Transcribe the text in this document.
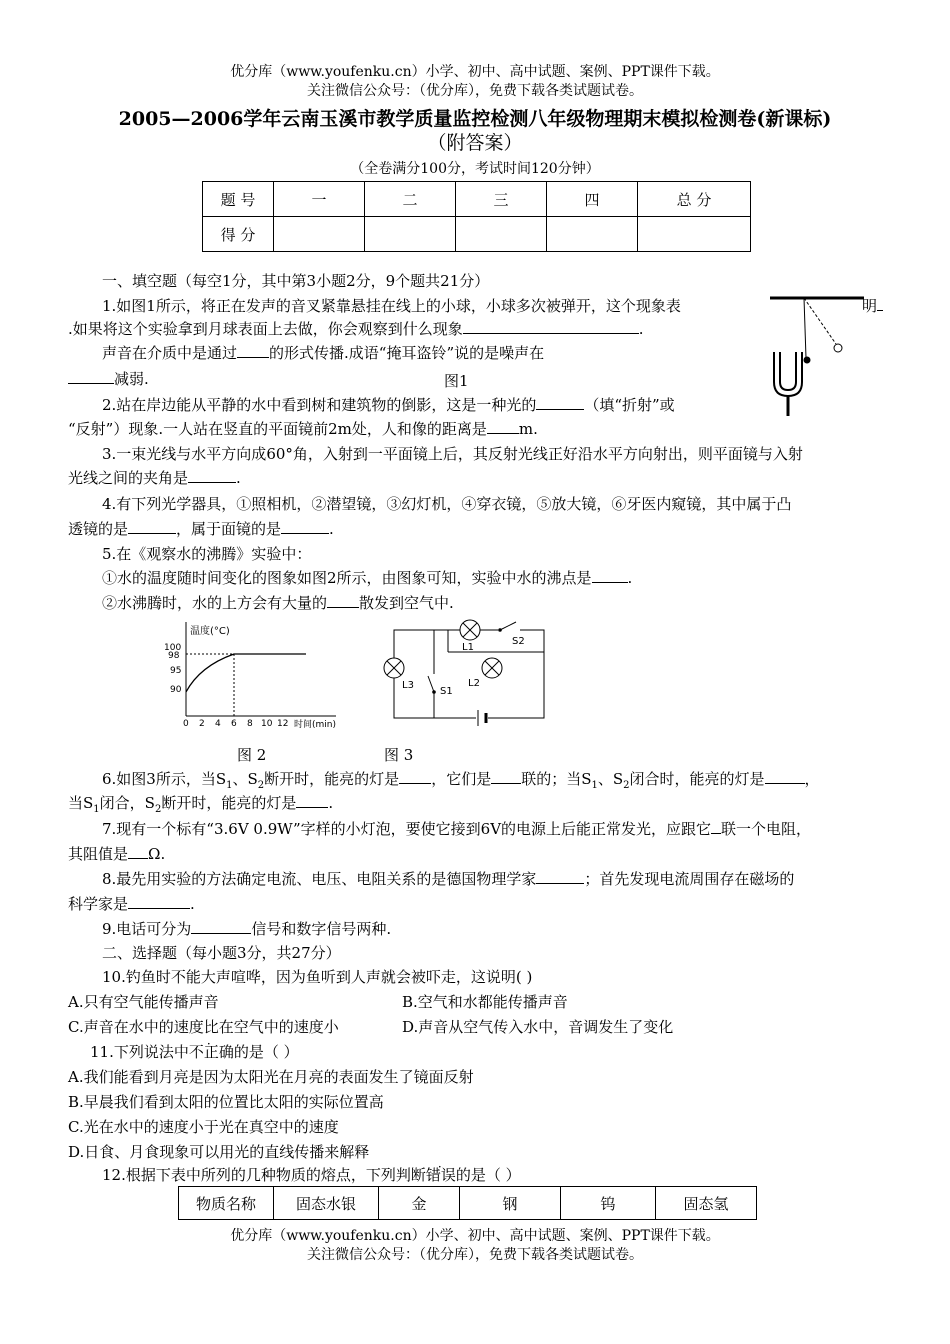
优分库（www.youfenku.cn）小学、初中、高中试题、案例、PPT课件下载。
关注微信公众号：（优分库），免费下载各类试题试卷。
2005—2006学年云南玉溪市教学质量监控检测八年级物理期末模拟检测卷(新课标)
（附答案）
（全卷满分100分，考试时间120分钟）
题 号	一	二	三	四	总 分
得 分					
一、填空题（每空1分，其中第3小题2分，9个题共21分）
1.如图1所示，将正在发声的音叉紧靠悬挂在线上的小球，小球多次被弹开，这个现象表	明
.如果将这个实验拿到月球表面上去做，你会观察到什么现象	.
声音在介质中是通过 的形式传播.成语“掩耳盗铃”说的是噪声在
减弱.	图1
2.站在岸边能从平静的水中看到树和建筑物的倒影，这是一种光的	（填“折射”或
“反射”）现象.一人站在竖直的平面镜前2m处，人和像的距离是 m.
3.一束光线与水平方向成60°角，入射到一平面镜上后，其反射光线正好沿水平方向射出，则平面镜与入射
光线之间的夹角是	.
4.有下列光学器具，①照相机，②潜望镜，③幻灯机，④穿衣镜，⑤放大镜，⑥牙医内窥镜，其中属于凸
透镜的是	，属于面镜的是	.
5.在《观察水的沸腾》实验中：
①水的温度随时间变化的图象如图2所示，由图象可知，实验中水的沸点是 .
②水沸腾时，水的上方会有大量的 散发到空气中.
温度(°C)
时间(min)
100
98
95
90
0 2 4 6 8 10 12
L1
S2
L3
S1
L2
图 2	图 3
6.如图3所示，当$S_1$、$S_2$断开时，能亮的灯是 ，它们是 联的；当$S_1$、$S_2$闭合时，能亮的灯是	，
当$S_1$闭合，$S_2$断开时，能亮的灯是 .
7.现有一个标有“3.6V 0.9W”字样的小灯泡，要使它接到6V的电源上后能正常发光，应跟它 联一个电阻，
其阻值是 Ω.
8.最先用实验的方法确定电流、电压、电阻关系的是德国物理学家	；首先发现电流周围存在磁场的
科学家是	.
9.电话可分为	信号和数字信号两种.
二、选择题（每小题3分，共27分）
10.钓鱼时不能大声喧哗，因为鱼听到人声就会被吓走，这说明( )
A.只有空气能传播声音	B.空气和水都能传播声音
C.声音在水中的速度比在空气中的速度小	D.声音从空气传入水中，音调发生了变化
11.下列说法中不正确的是（ ）
A.我们能看到月亮是因为太阳光在月亮的表面发生了镜面反射
B.早晨我们看到太阳的位置比太阳的实际位置高
C.光在水中的速度小于光在真空中的速度
D.日食、月食现象可以用光的直线传播来解释
12.根据下表中所列的几种物质的熔点，下列判断错误的是（ ）
物质名称	固态水银	金	钢	钨	固态氢
优分库（www.youfenku.cn）小学、初中、高中试题、案例、PPT课件下载。
关注微信公众号：（优分库），免费下载各类试题试卷。
